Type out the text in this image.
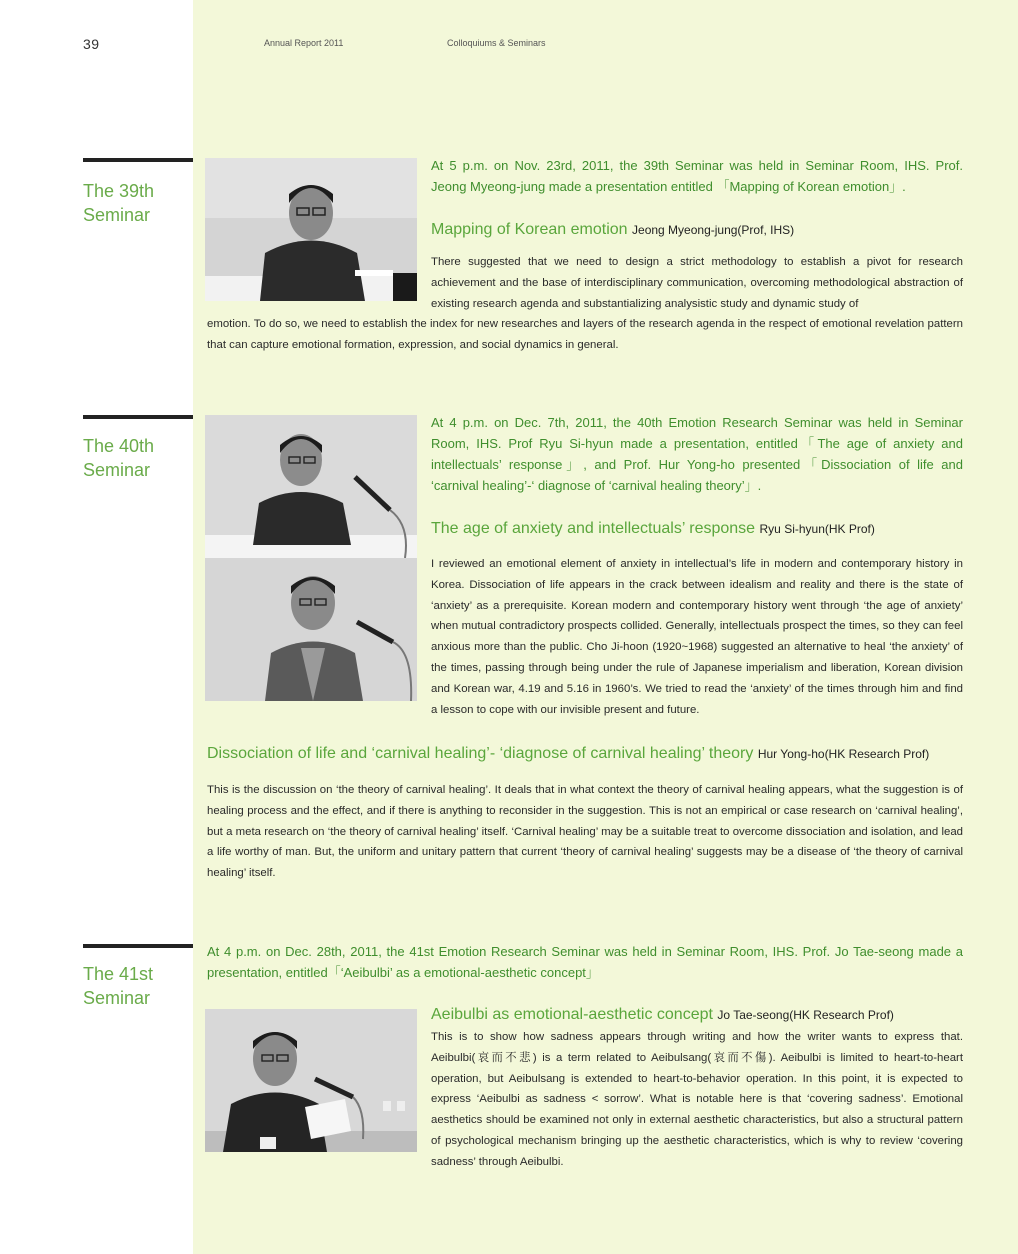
39	Annual Report 2011	Colloquiums & Seminars
The 39th
Seminar

At 5 p.m. on Nov. 23rd, 2011, the 39th Seminar was held in Seminar Room, IHS. Prof. Jeong Myeong-jung made a presentation entitled 「Mapping of Korean emotion」.

Mapping of Korean emotion Jeong Myeong-jung(Prof, IHS)

There suggested that we need to design a strict methodology to establish a pivot for research achievement and the base of interdisciplinary communication, overcoming methodological abstraction of existing research agenda and substantializing analysistic study and dynamic study of

emotion. To do so, we need to establish the index for new researches and layers of the research agenda in the respect of emotional revelation pattern that can capture emotional formation, expression, and social dynamics in general.

The 40th
Seminar

At 4 p.m. on Dec. 7th, 2011, the 40th Emotion Research Seminar was held in Seminar Room, IHS. Prof Ryu Si-hyun made a presentation, entitled「The age of anxiety and intellectuals’ response」, and Prof. Hur Yong-ho presented「Dissociation of life and ‘carnival healing’-‘ diagnose of ‘carnival healing theory’」.

The age of anxiety and intellectuals’ response Ryu Si-hyun(HK Prof)

I reviewed an emotional element of anxiety in intellectual’s life in modern and contemporary history in Korea. Dissociation of life appears in the crack between idealism and reality and there is the state of ‘anxiety’ as a prerequisite. Korean modern and contemporary history went through ‘the age of anxiety’ when mutual contradictory prospects collided. Generally, intellectuals prospect the times, so they can feel anxious more than the public. Cho Ji-hoon (1920~1968) suggested an alternative to heal ‘the anxiety’ of the times, passing through being under the rule of Japanese imperialism and liberation, Korean division and Korean war, 4.19 and 5.16 in 1960’s. We tried to read the ‘anxiety’ of the times through him and find a lesson to cope with our invisible present and future.

Dissociation of life and ‘carnival healing’- ‘diagnose of carnival healing’ theory Hur Yong-ho(HK Research Prof)

This is the discussion on ‘the theory of carnival healing’. It deals that in what context the theory of carnival healing appears, what the suggestion is of healing process and the effect, and if there is anything to reconsider in the suggestion. This is not an empirical or case research on ‘carnival healing’, but a meta research on ‘the theory of carnival healing’ itself. ‘Carnival healing’ may be a suitable treat to overcome dissociation and isolation, and lead a life worthy of man. But, the uniform and unitary pattern that current ‘theory of carnival healing’ suggests may be a disease of ‘the theory of carnival healing’ itself.

The 41st
Seminar

At 4 p.m. on Dec. 28th, 2011, the 41st Emotion Research Seminar was held in Seminar Room, IHS. Prof. Jo Tae-seong made a presentation, entitled「‘Aeibulbi’ as a emotional-aesthetic concept」

Aeibulbi as emotional-aesthetic concept Jo Tae-seong(HK Research Prof)

This is to show how sadness appears through writing and how the writer wants to express that. Aeibulbi(哀而不悲) is a term related to Aeibulsang(哀而不傷). Aeibulbi is limited to heart-to-heart operation, but Aeibulsang is extended to heart-to-behavior operation. In this point, it is expected to express ‘Aeibulbi as sadness < sorrow’. What is notable here is that ‘covering sadness’. Emotional aesthetics should be examined not only in external aesthetic characteristics, but also a structural pattern of psychological mechanism bringing up the aesthetic characteristics, which is why to review ‘covering sadness’ through Aeibulbi.
